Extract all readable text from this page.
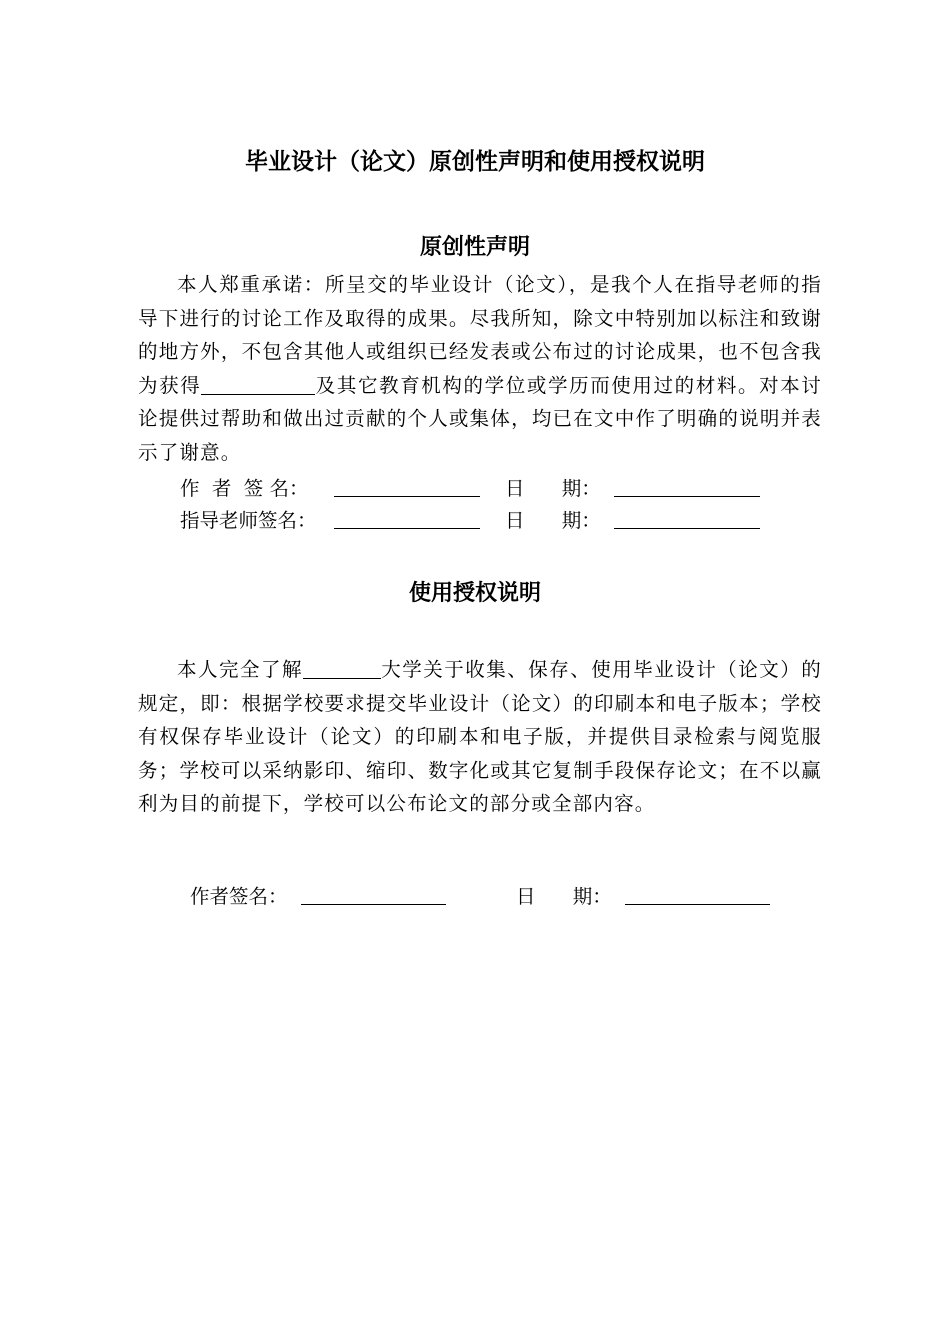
毕业设计（论文）原创性声明和使用授权说明
原创性声明

本人郑重承诺：所呈交的毕业设计（论文），是我个人在指导老师的指导下进行的讨论工作及取得的成果。尽我所知，除文中特别加以标注和致谢的地方外，不包含其他人或组织已经发表或公布过的讨论成果，也不包含我为获得	及其它教育机构的学位或学历而使用过的材料。对本讨论提供过帮助和做出过贡献的个人或集体，均已在文中作了明确的说明并表示了谢意。

作  者  签 名：	日      期：
指导老师签名：	日      期：
使用授权说明

本人完全了解	大学关于收集、保存、使用毕业设计（论文）的规定，即：根据学校要求提交毕业设计（论文）的印刷本和电子版本；学校有权保存毕业设计（论文）的印刷本和电子版，并提供目录检索与阅览服务；学校可以采纳影印、缩印、数字化或其它复制手段保存论文；在不以赢利为目的前提下，学校可以公布论文的部分或全部内容。

作者签名：	日      期：
